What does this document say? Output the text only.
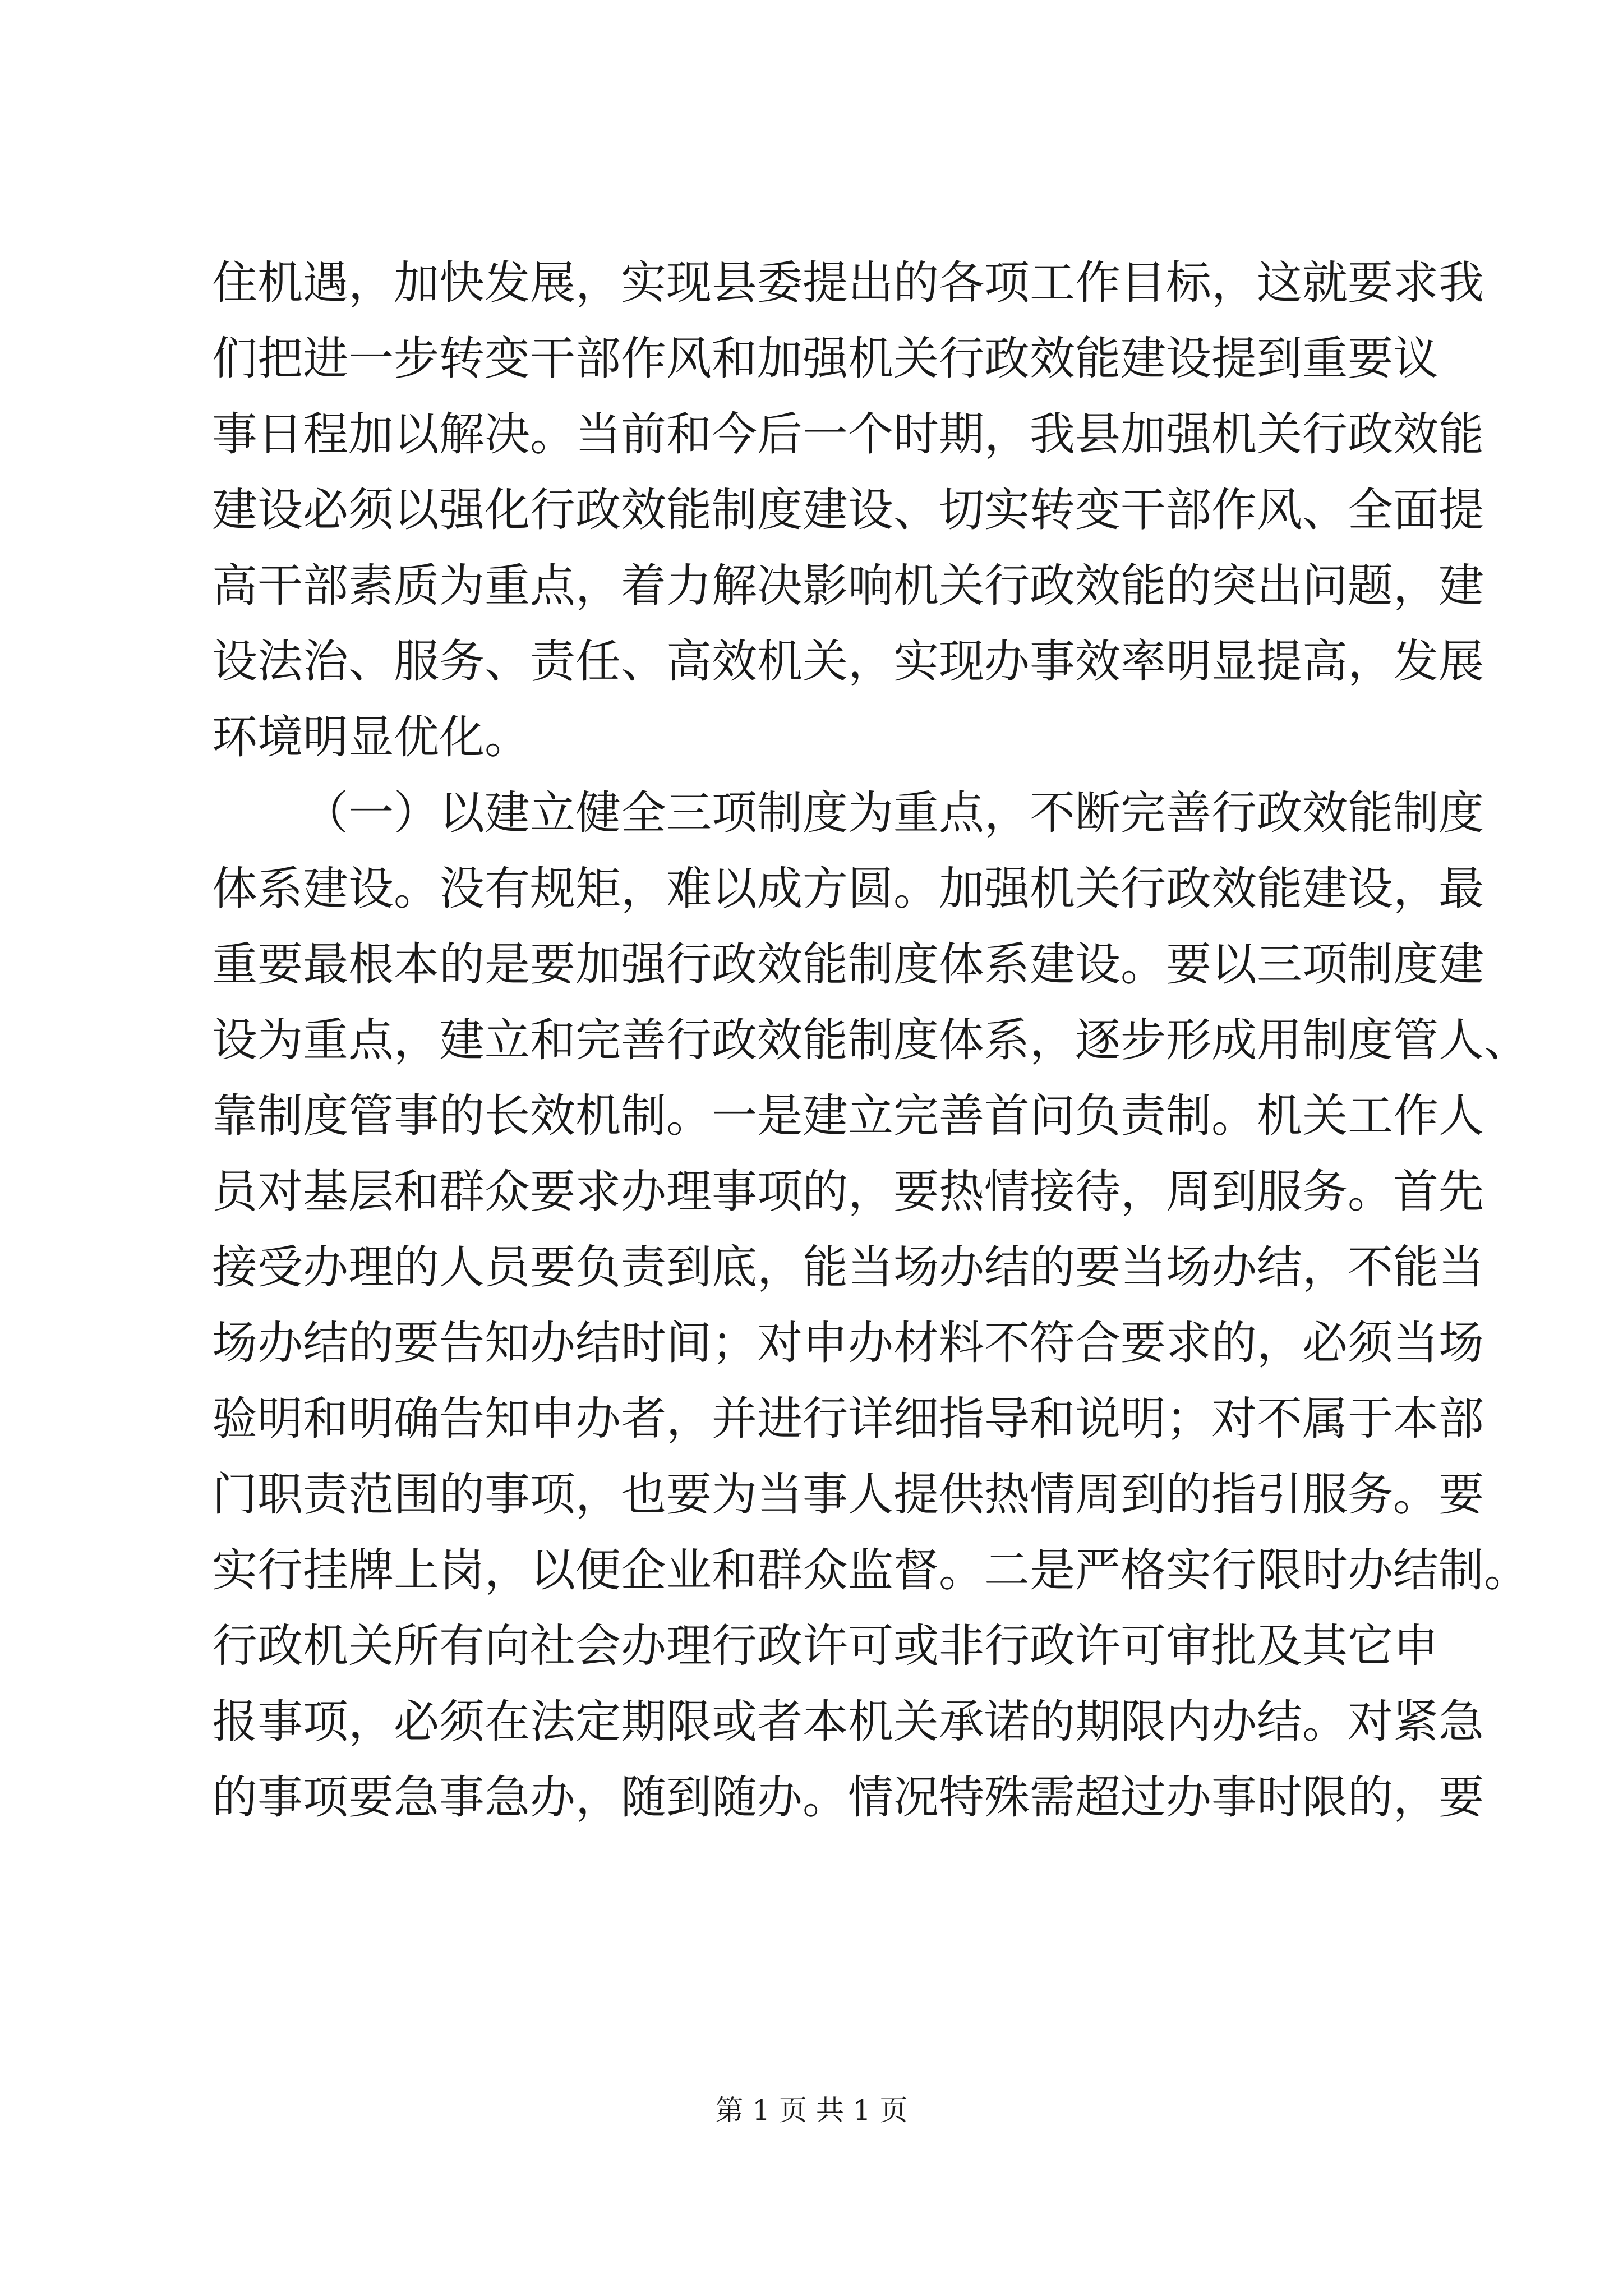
住机遇，加快发展，实现县委提出的各项工作目标，这就要求我
们把进一步转变干部作风和加强机关行政效能建设提到重要议
事日程加以解决。当前和今后一个时期，我县加强机关行政效能
建设必须以强化行政效能制度建设、切实转变干部作风、全面提
高干部素质为重点，着力解决影响机关行政效能的突出问题，建
设法治、服务、责任、高效机关，实现办事效率明显提高，发展
环境明显优化。
（一）以建立健全三项制度为重点，不断完善行政效能制度
体系建设。没有规矩，难以成方圆。加强机关行政效能建设，最
重要最根本的是要加强行政效能制度体系建设。要以三项制度建
设为重点，建立和完善行政效能制度体系，逐步形成用制度管人、
靠制度管事的长效机制。一是建立完善首问负责制。机关工作人
员对基层和群众要求办理事项的，要热情接待，周到服务。首先
接受办理的人员要负责到底，能当场办结的要当场办结，不能当
场办结的要告知办结时间；对申办材料不符合要求的，必须当场
验明和明确告知申办者，并进行详细指导和说明；对不属于本部
门职责范围的事项，也要为当事人提供热情周到的指引服务。要
实行挂牌上岗，以便企业和群众监督。二是严格实行限时办结制。
行政机关所有向社会办理行政许可或非行政许可审批及其它申
报事项，必须在法定期限或者本机关承诺的期限内办结。对紧急
的事项要急事急办，随到随办。情况特殊需超过办事时限的，要
第 1 页 共 1 页
